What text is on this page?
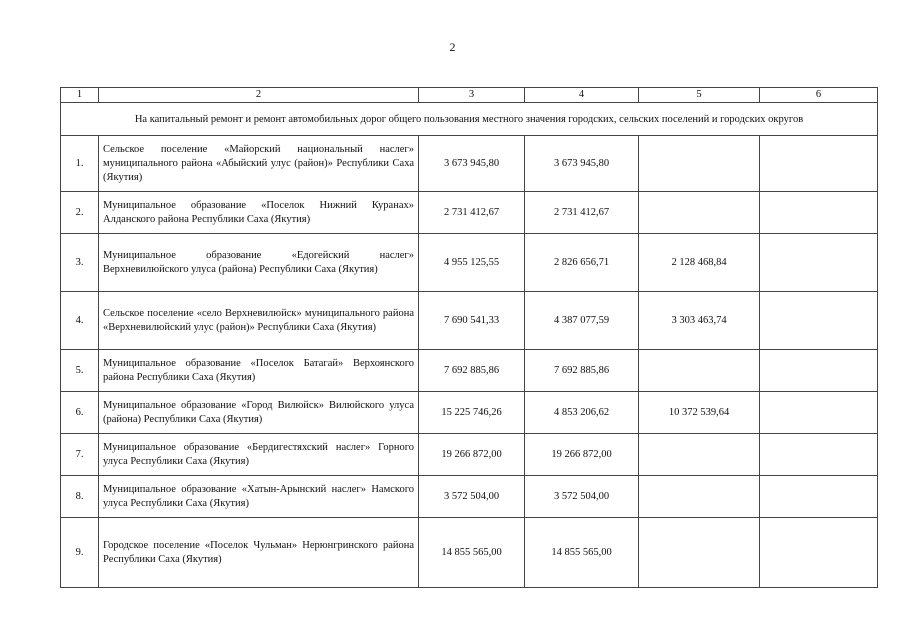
2
1	2	3	4	5	6
На капитальный ремонт и ремонт автомобильных дорог общего пользования местного значения городских, сельских поселений и городских округов					
1.	Сельское поселение «Майорский национальный наслег» муниципального района «Абыйский улус (район)» Республики Саха (Якутия)	3 673 945,80	3 673 945,80		
2.	Муниципальное образование «Поселок Нижний Куранах» Алданского района Республики Саха (Якутия)	2 731 412,67	2 731 412,67		
3.	Муниципальное образование «Едогейский наслег» Верхневилюйского улуса (района) Республики Саха (Якутия)	4 955 125,55	2 826 656,71	2 128 468,84	
4.	Сельское поселение «село Верхневилюйск» муниципального района «Верхневилюйский улус (район)» Республики Саха (Якутия)	7 690 541,33	4 387 077,59	3 303 463,74	
5.	Муниципальное образование «Поселок Батагай» Верхоянского района Республики Саха (Якутия)	7 692 885,86	7 692 885,86		
6.	Муниципальное образование «Город Вилюйск» Вилюйского улуса (района) Республики Саха (Якутия)	15 225 746,26	4 853 206,62	10 372 539,64	
7.	Муниципальное образование «Бердигестяхский наслег» Горного улуса Республики Саха (Якутия)	19 266 872,00	19 266 872,00		
8.	Муниципальное образование «Хатын-Арынский наслег» Намского улуса Республики Саха (Якутия)	3 572 504,00	3 572 504,00		
9.	Городское поселение «Поселок Чульман» Нерюнгринского района Республики Саха (Якутия)	14 855 565,00	14 855 565,00		
